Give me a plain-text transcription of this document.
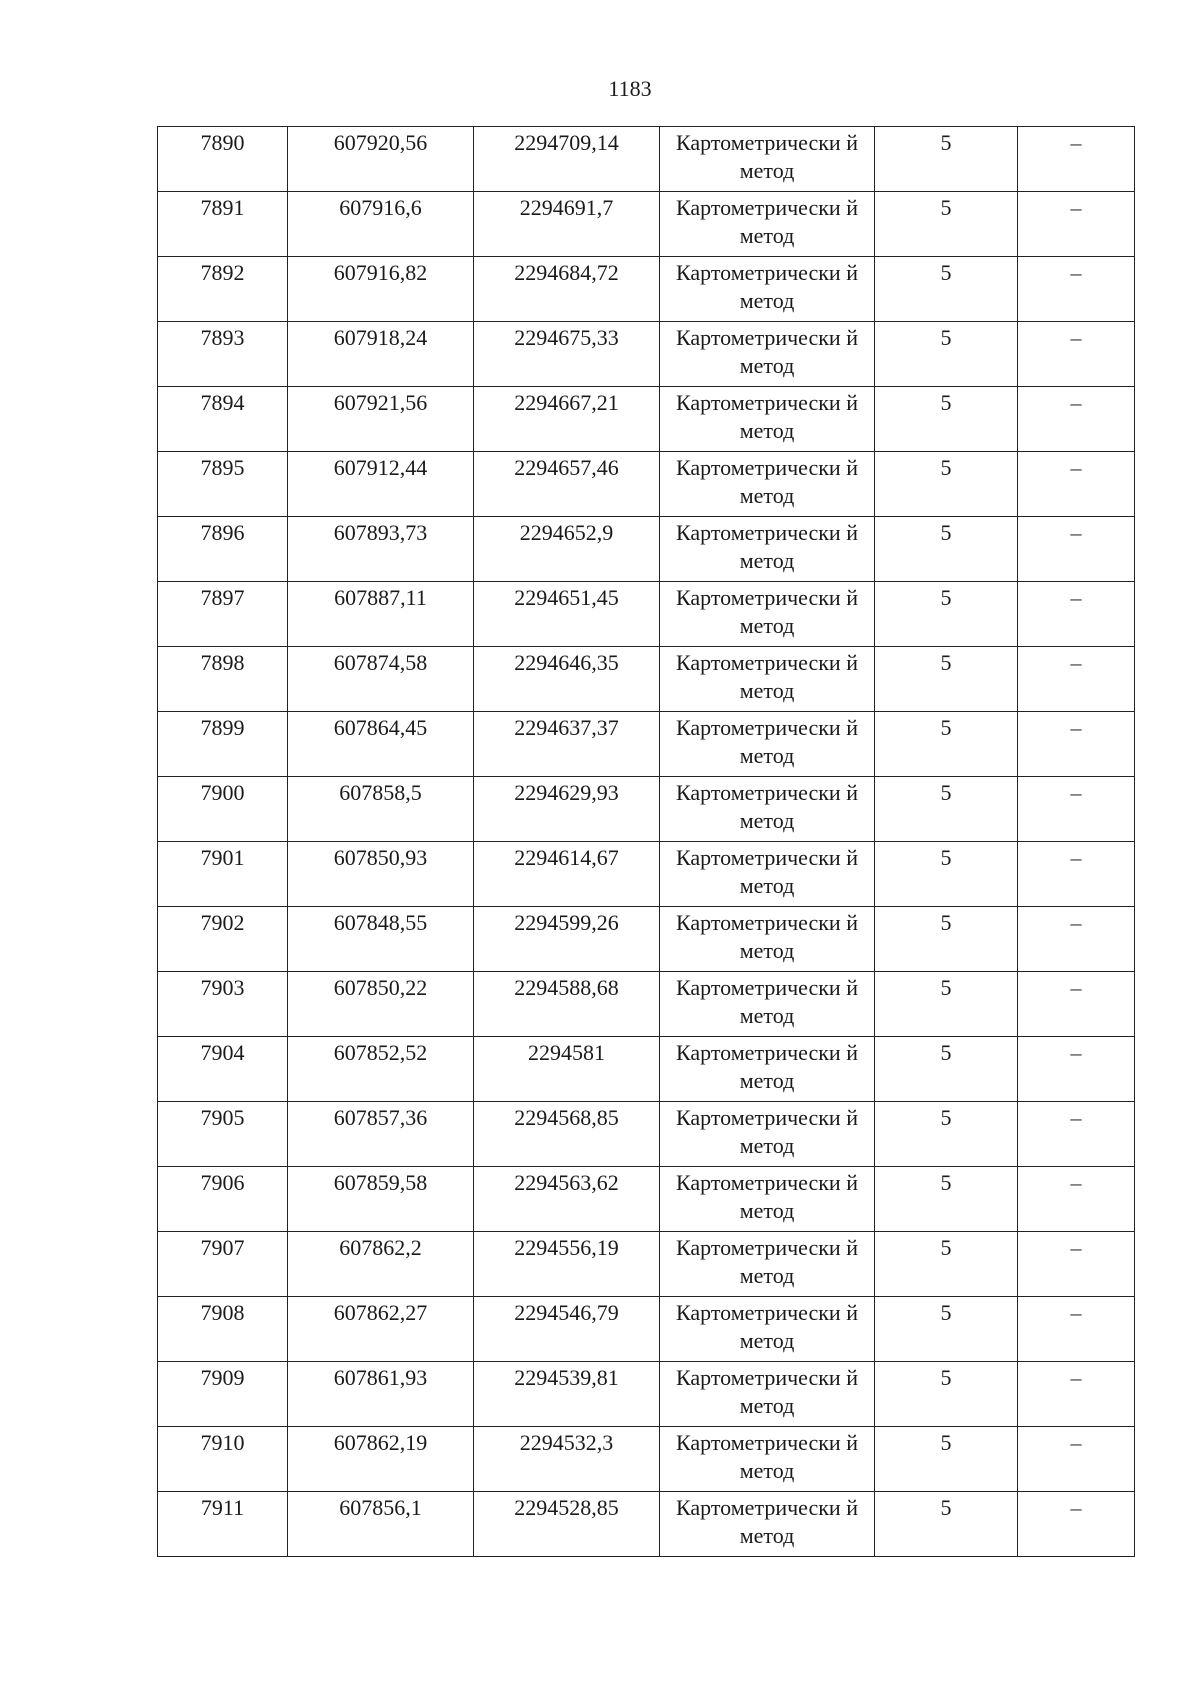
1183
7890	607920,56	2294709,14	Картометрически й метод	5	–
7891	607916,6	2294691,7	Картометрически й метод	5	–
7892	607916,82	2294684,72	Картометрически й метод	5	–
7893	607918,24	2294675,33	Картометрически й метод	5	–
7894	607921,56	2294667,21	Картометрически й метод	5	–
7895	607912,44	2294657,46	Картометрически й метод	5	–
7896	607893,73	2294652,9	Картометрически й метод	5	–
7897	607887,11	2294651,45	Картометрически й метод	5	–
7898	607874,58	2294646,35	Картометрически й метод	5	–
7899	607864,45	2294637,37	Картометрически й метод	5	–
7900	607858,5	2294629,93	Картометрически й метод	5	–
7901	607850,93	2294614,67	Картометрически й метод	5	–
7902	607848,55	2294599,26	Картометрически й метод	5	–
7903	607850,22	2294588,68	Картометрически й метод	5	–
7904	607852,52	2294581	Картометрически й метод	5	–
7905	607857,36	2294568,85	Картометрически й метод	5	–
7906	607859,58	2294563,62	Картометрически й метод	5	–
7907	607862,2	2294556,19	Картометрически й метод	5	–
7908	607862,27	2294546,79	Картометрически й метод	5	–
7909	607861,93	2294539,81	Картометрически й метод	5	–
7910	607862,19	2294532,3	Картометрически й метод	5	–
7911	607856,1	2294528,85	Картометрически й метод	5	–
